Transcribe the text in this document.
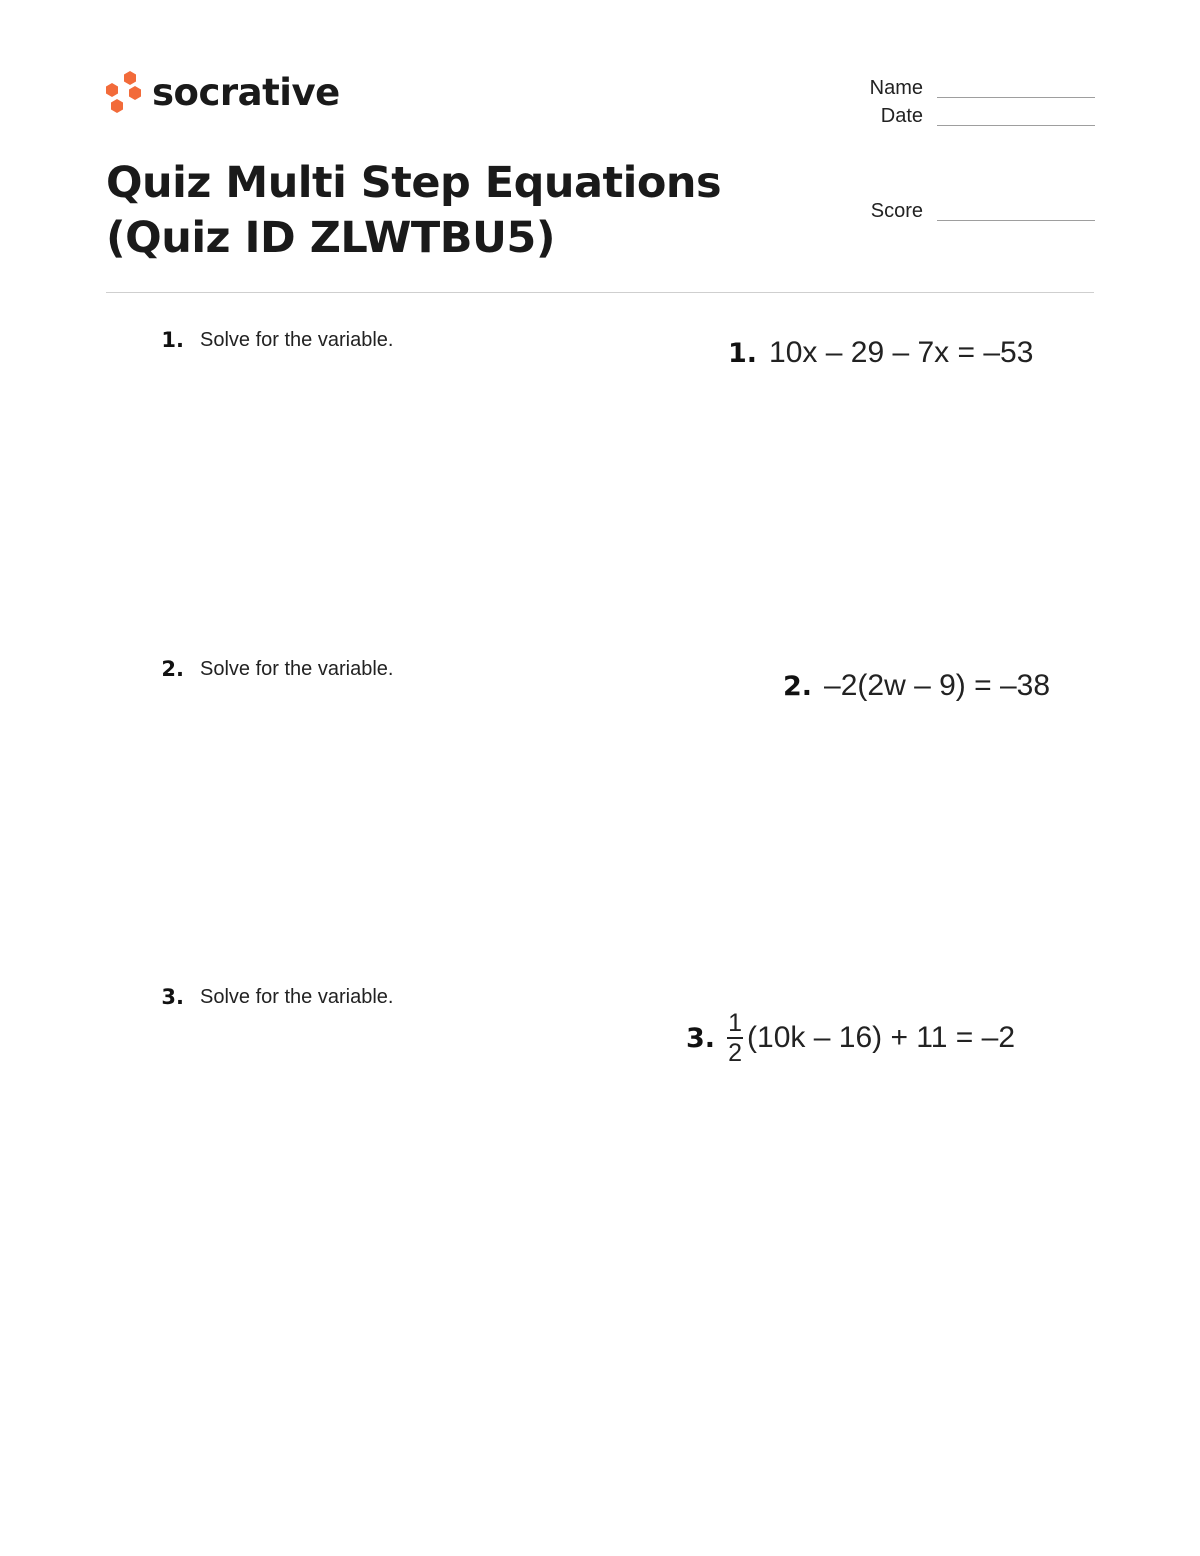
socrative	Name
Date
Score
Quiz Multi Step Equations (Quiz ID ZLWTBU5)
1. Solve for the variable.	1. 10x – 29 – 7x = –53
2. Solve for the variable.
2. –2(2w – 9) = –38
3. Solve for the variable.
3. $\frac{1}{2} (10k - 16) + 11 = -2$
